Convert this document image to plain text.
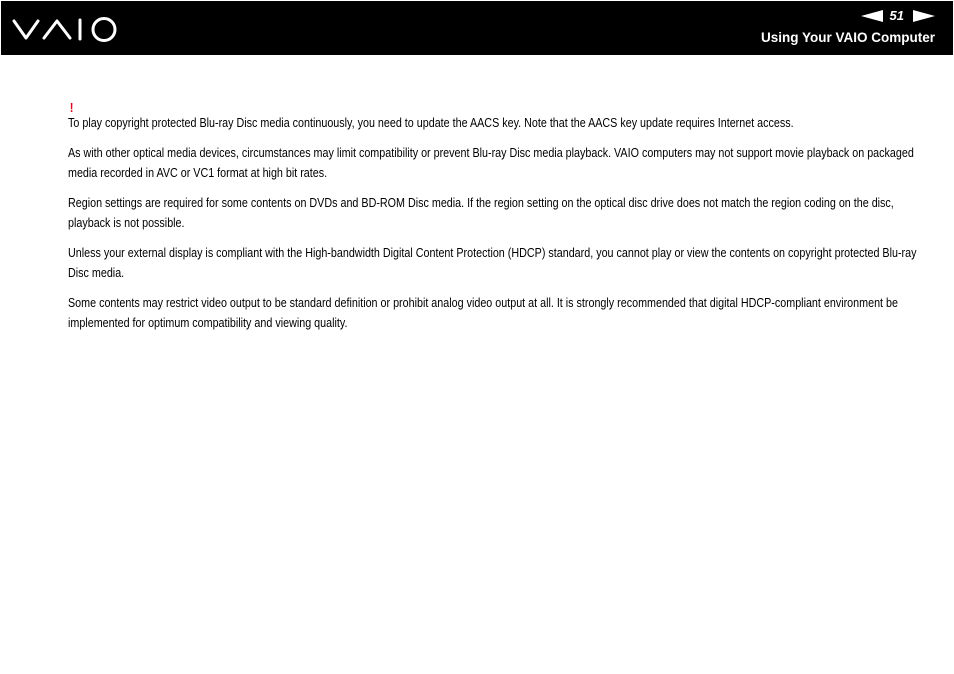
51
Using Your VAIO Computer
!

To play copyright protected Blu-ray Disc media continuously, you need to update the AACS key. Note that the AACS key update requires Internet access.

As with other optical media devices, circumstances may limit compatibility or prevent Blu-ray Disc media playback. VAIO computers may not support movie playback on packaged media recorded in AVC or VC1 format at high bit rates.

Region settings are required for some contents on DVDs and BD-ROM Disc media. If the region setting on the optical disc drive does not match the region coding on the disc, playback is not possible.

Unless your external display is compliant with the High-bandwidth Digital Content Protection (HDCP) standard, you cannot play or view the contents on copyright protected Blu-ray Disc media.

Some contents may restrict video output to be standard definition or prohibit analog video output at all. It is strongly recommended that digital HDCP-compliant environment be implemented for optimum compatibility and viewing quality.
